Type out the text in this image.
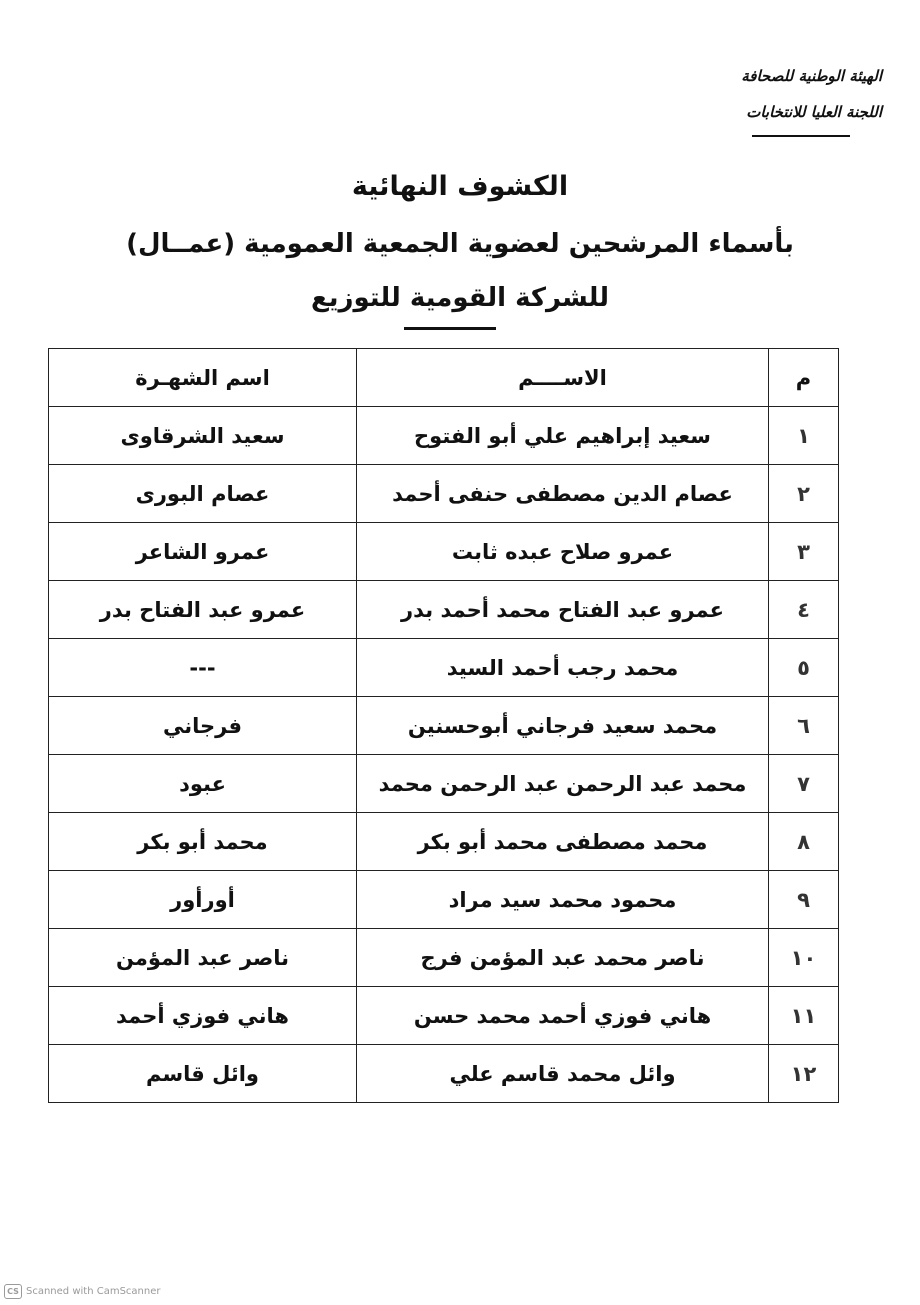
الهيئة الوطنية للصحافة
اللجنة العليا للانتخابات
الكشوف النهائية
بأسماء المرشحين لعضوية الجمعية العمومية (عمــال)
للشركة القومية للتوزيع
م	الاســــم	اسم الشهـرة
١	سعيد إبراهيم علي أبو الفتوح	سعيد الشرقاوى
٢	عصام الدين مصطفى حنفى أحمد	عصام البورى
٣	عمرو صلاح عبده ثابت	عمرو الشاعر
٤	عمرو عبد الفتاح محمد أحمد بدر	عمرو عبد الفتاح بدر
٥	محمد رجب أحمد السيد	---
٦	محمد سعيد فرجاني أبوحسنين	فرجاني
٧	محمد عبد الرحمن عبد الرحمن محمد	عبود
٨	محمد مصطفى محمد أبو بكر	محمد أبو بكر
٩	محمود محمد سيد مراد	أورأور
١٠	ناصر محمد عبد المؤمن فرج	ناصر عبد المؤمن
١١	هاني فوزي أحمد محمد حسن	هاني فوزي أحمد
١٢	وائل محمد قاسم علي	وائل قاسم
CS Scanned with CamScanner
